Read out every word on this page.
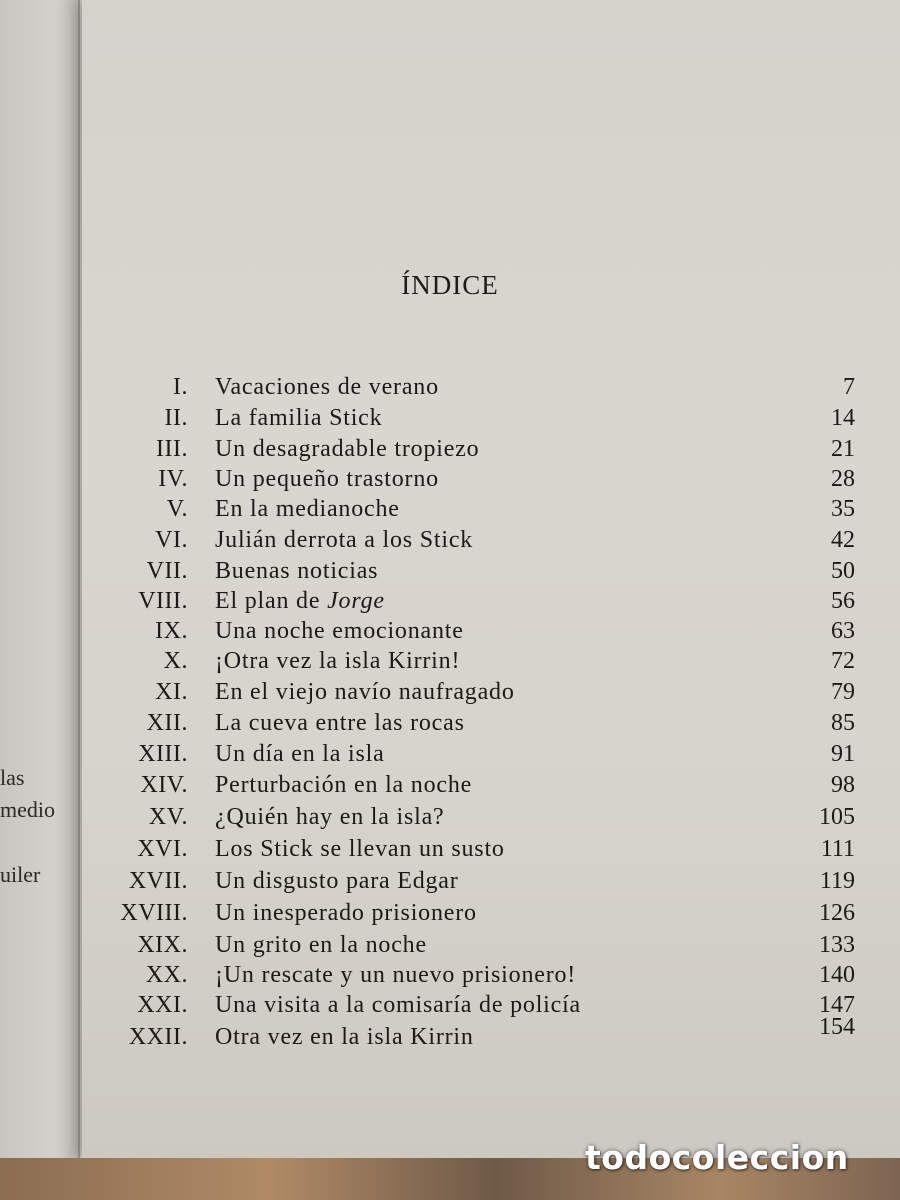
las
medio
uiler
ÍNDICE
I. Vacaciones de verano	7
II. La familia Stick	14
III. Un desagradable tropiezo	21
IV. Un pequeño trastorno	28
V. En la medianoche	35
VI. Julián derrota a los Stick	42
VII. Buenas noticias	50
VIII. El plan de Jorge	56
IX. Una noche emocionante	63
X. ¡Otra vez la isla Kirrin!	72
XI. En el viejo navío naufragado	79
XII. La cueva entre las rocas	85
XIII. Un día en la isla	91
XIV. Perturbación en la noche	98
XV. ¿Quién hay en la isla?	105
XVI. Los Stick se llevan un susto	111
XVII. Un disgusto para Edgar	119
XVIII. Un inesperado prisionero	126
XIX. Un grito en la noche	133
XX. ¡Un rescate y un nuevo prisionero!	140
XXI. Una visita a la comisaría de policía	147
XXII. Otra vez en la isla Kirrin	154
todocoleccion
